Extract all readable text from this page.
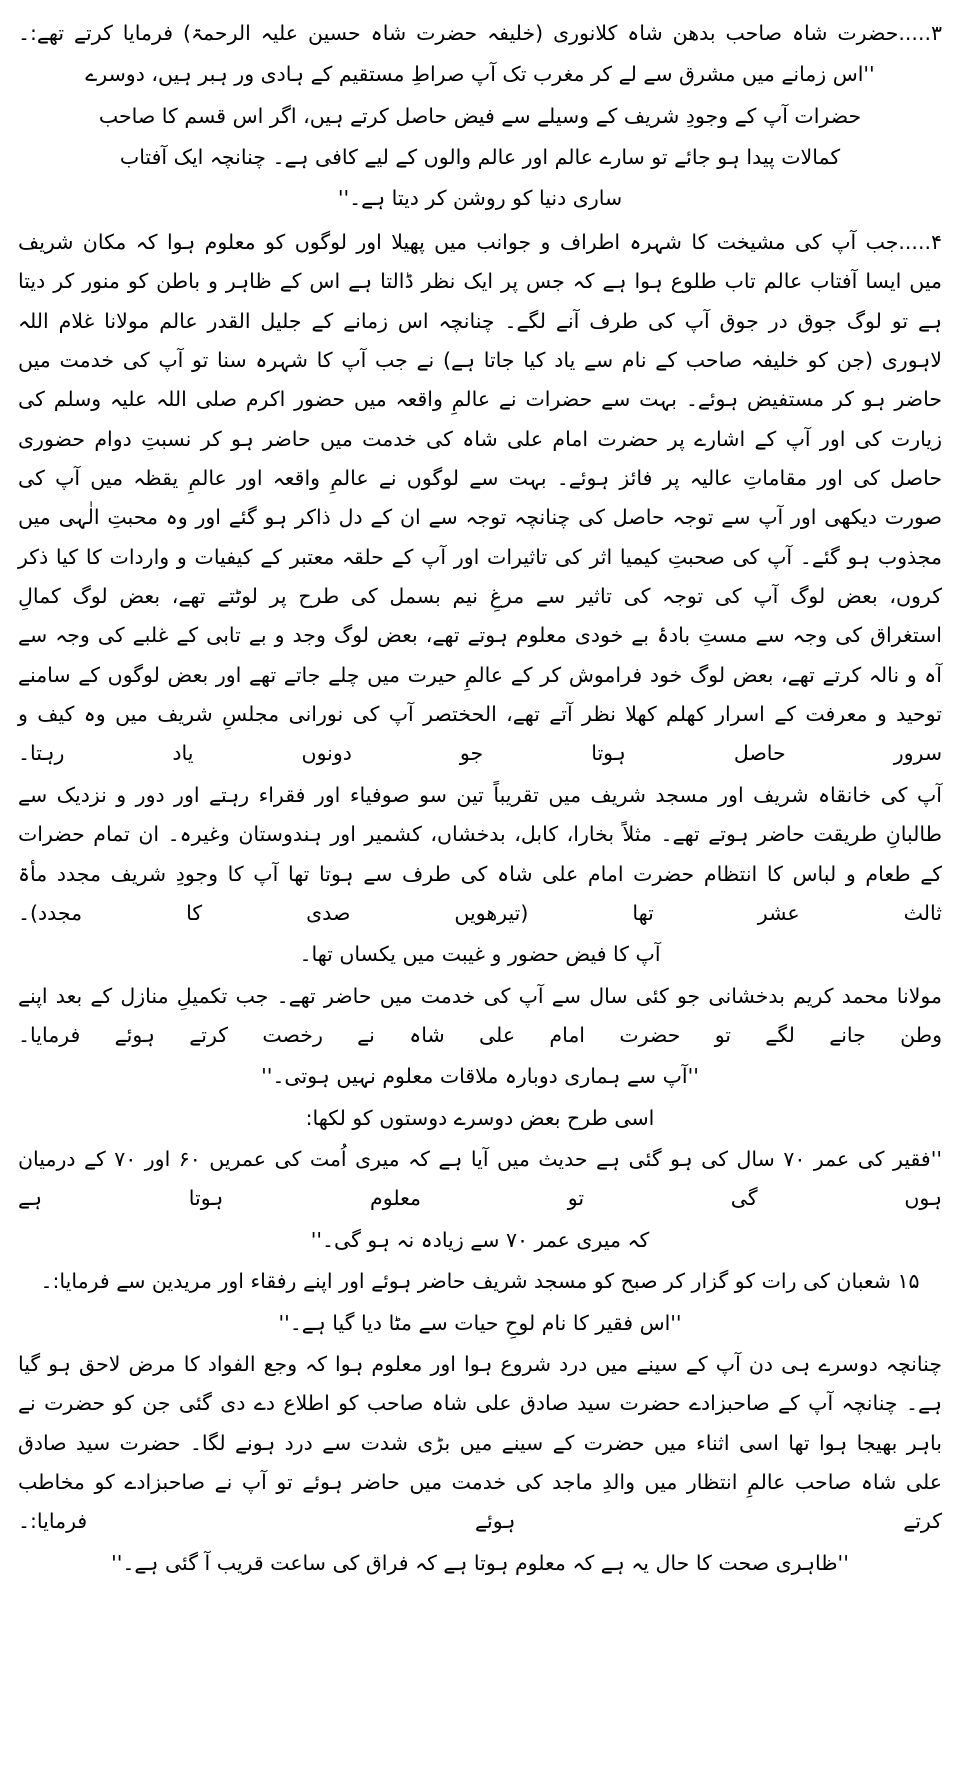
۳.....حضرت شاہ صاحب بدھن شاہ کلانوری (خلیفہ حضرت شاہ حسین علیہ الرحمۃ) فرمایا کرتے تھے:۔

''اس زمانے میں مشرق سے لے کر مغرب تک آپ صراطِ مستقیم کے ہادی ور ہبر ہیں، دوسرے

حضرات آپ کے وجودِ شریف کے وسیلے سے فیض حاصل کرتے ہیں، اگر اس قسم کا صاحب

کمالات پیدا ہو جائے تو سارے عالم اور عالم والوں کے لیے کافی ہے۔ چنانچہ ایک آفتاب

ساری دنیا کو روشن کر دیتا ہے۔''

۴.....جب آپ کی مشیخت کا شہرہ اطراف و جوانب میں پھیلا اور لوگوں کو معلوم ہوا کہ مکان شریف میں ایسا آفتاب عالم تاب طلوع ہوا ہے کہ جس پر ایک نظر ڈالتا ہے اس کے ظاہر و باطن کو منور کر دیتا ہے تو لوگ جوق در جوق آپ کی طرف آنے لگے۔ چنانچہ اس زمانے کے جلیل القدر عالم مولانا غلام اللہ لاہوری (جن کو خلیفہ صاحب کے نام سے یاد کیا جاتا ہے) نے جب آپ کا شہرہ سنا تو آپ کی خدمت میں حاضر ہو کر مستفیض ہوئے۔ بہت سے حضرات نے عالمِ واقعہ میں حضور اکرم صلی اللہ علیہ وسلم کی زیارت کی اور آپ کے اشارے پر حضرت امام علی شاہ کی خدمت میں حاضر ہو کر نسبتِ دوام حضوری حاصل کی اور مقاماتِ عالیہ پر فائز ہوئے۔ بہت سے لوگوں نے عالمِ واقعہ اور عالمِ یقظہ میں آپ کی صورت دیکھی اور آپ سے توجہ حاصل کی چنانچہ توجہ سے ان کے دل ذاکر ہو گئے اور وہ محبتِ الٰہی میں مجذوب ہو گئے۔ آپ کی صحبتِ کیمیا اثر کی تاثیرات اور آپ کے حلقہ معتبر کے کیفیات و واردات کا کیا ذکر کروں، بعض لوگ آپ کی توجہ کی تاثیر سے مرغِ نیم بسمل کی طرح پر لوٹتے تھے، بعض لوگ کمالِ استغراق کی وجہ سے مستِ بادۂ بے خودی معلوم ہوتے تھے، بعض لوگ وجد و بے تابی کے غلبے کی وجہ سے آہ و نالہ کرتے تھے، بعض لوگ خود فراموش کر کے عالمِ حیرت میں چلے جاتے تھے اور بعض لوگوں کے سامنے توحید و معرفت کے اسرار کھلم کھلا نظر آتے تھے، الحختصر آپ کی نورانی مجلسِ شریف میں وہ کیف و سرور حاصل ہوتا جو دونوں یاد رہتا۔

آپ کی خانقاہ شریف اور مسجد شریف میں تقریباً تین سو صوفیاء اور فقراء رہتے اور دور و نزدیک سے طالبانِ طریقت حاضر ہوتے تھے۔ مثلاً بخارا، کابل، بدخشاں، کشمیر اور ہندوستان وغیرہ۔ ان تمام حضرات کے طعام و لباس کا انتظام حضرت امام علی شاہ کی طرف سے ہوتا تھا آپ کا وجودِ شریف مجدد مأۃ ثالث عشر تھا (تیرھویں صدی کا مجدد)۔

آپ کا فیض حضور و غیبت میں یکساں تھا۔

مولانا محمد کریم بدخشانی جو کئی سال سے آپ کی خدمت میں حاضر تھے۔ جب تکمیلِ منازل کے بعد اپنے وطن جانے لگے تو حضرت امام علی شاہ نے رخصت کرتے ہوئے فرمایا۔

''آپ سے ہماری دوبارہ ملاقات معلوم نہیں ہوتی۔''

اسی طرح بعض دوسرے دوستوں کو لکھا:

''فقیر کی عمر ۷۰ سال کی ہو گئی ہے حدیث میں آیا ہے کہ میری اُمت کی عمریں ۶۰ اور ۷۰ کے درمیان ہوں گی تو معلوم ہوتا ہے

کہ میری عمر ۷۰ سے زیادہ نہ ہو گی۔''

۱۵ شعبان کی رات کو گزار کر صبح کو مسجد شریف حاضر ہوئے اور اپنے رفقاء اور مریدین سے فرمایا:۔

''اس فقیر کا نام لوحِ حیات سے مٹا دیا گیا ہے۔''

چنانچہ دوسرے ہی دن آپ کے سینے میں درد شروع ہوا اور معلوم ہوا کہ وجع الفواد کا مرض لاحق ہو گیا ہے۔ چنانچہ آپ کے صاحبزادے حضرت سید صادق علی شاہ صاحب کو اطلاع دے دی گئی جن کو حضرت نے باہر بھیجا ہوا تھا اسی اثناء میں حضرت کے سینے میں بڑی شدت سے درد ہونے لگا۔ حضرت سید صادق علی شاہ صاحب عالمِ انتظار میں والدِ ماجد کی خدمت میں حاضر ہوئے تو آپ نے صاحبزادے کو مخاطب کرتے ہوئے فرمایا:۔

''ظاہری صحت کا حال یہ ہے کہ معلوم ہوتا ہے کہ فراق کی ساعت قریب آ گئی ہے۔''
